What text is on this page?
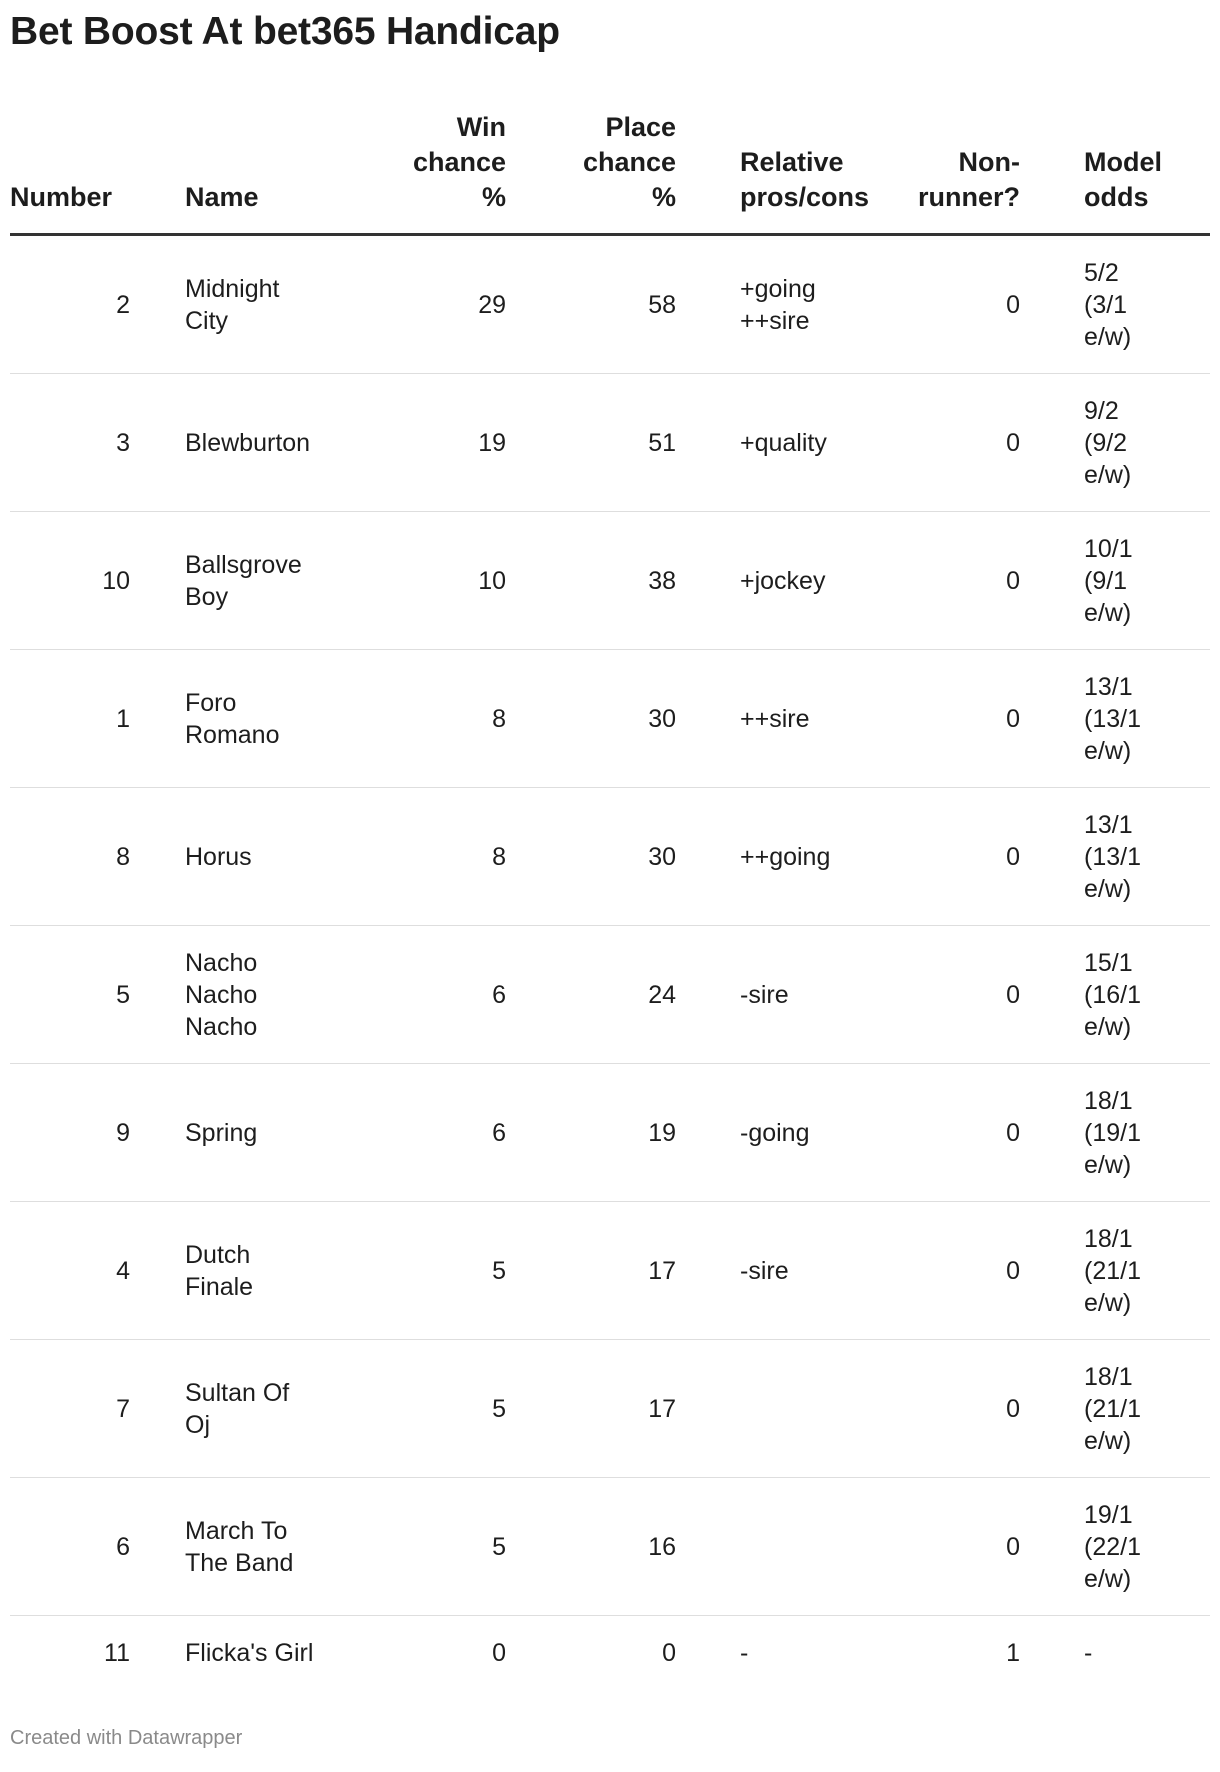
Bet Boost At bet365 Handicap
Number	Name	Win
chance
%	Place
chance
%	Relative
pros/cons	Non-
runner?	Model
odds
2	Midnight
City	29	58	+going
++sire	0	5/2
(3/1
e/w)
3	Blewburton	19	51	+quality	0	9/2
(9/2
e/w)
10	Ballsgrove
Boy	10	38	+jockey	0	10/1
(9/1
e/w)
1	Foro
Romano	8	30	++sire	0	13/1
(13/1
e/w)
8	Horus	8	30	++going	0	13/1
(13/1
e/w)
5	Nacho
Nacho
Nacho	6	24	-sire	0	15/1
(16/1
e/w)
9	Spring	6	19	-going	0	18/1
(19/1
e/w)
4	Dutch
Finale	5	17	-sire	0	18/1
(21/1
e/w)
7	Sultan Of
Oj	5	17		0	18/1
(21/1
e/w)
6	March To
The Band	5	16		0	19/1
(22/1
e/w)
11	Flicka's Girl	0	0	-	1	-
Created with Datawrapper
